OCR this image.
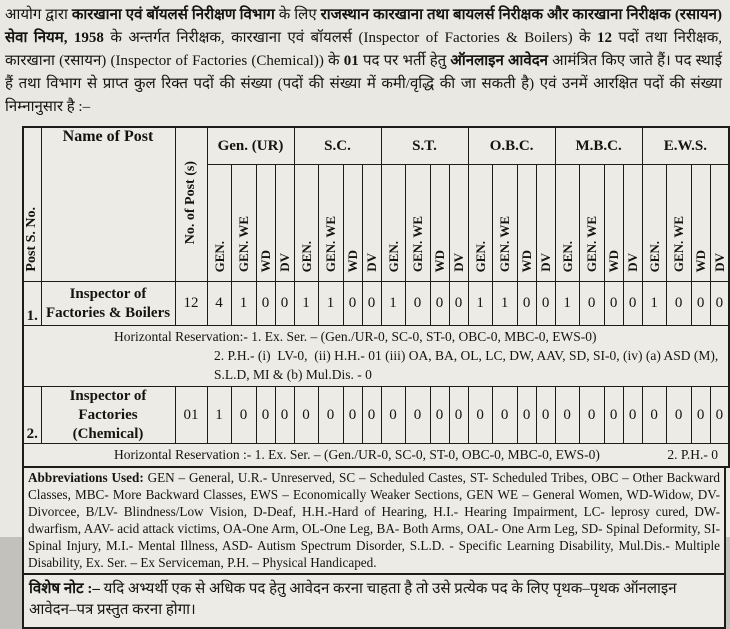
आयोग द्वारा कारखाना एवं बॉयलर्स निरीक्षण विभाग के लिए राजस्थान कारखाना तथा बायलर्स निरीक्षक और कारखाना निरीक्षक (रसायन) सेवा नियम, 1958 के अन्तर्गत निरीक्षक, कारखाना एवं बॉयलर्स (Inspector of Factories & Boilers) के 12 पदों तथा निरीक्षक, कारखाना (रसायन) (Inspector of Factories (Chemical)) के 01 पद पर भर्ती हेतु ऑनलाइन आवेदन आमंत्रित किए जाते हैं। पद स्थाई हैं तथा विभाग से प्राप्त कुल रिक्त पदों की संख्या (पदों की संख्या में कमी/वृद्धि की जा सकती है) एवं उनमें आरक्षित पदों की संख्या निम्नानुसार है :–
Post S. No.	Name of Post	No. of Post (s)	Gen. (UR)				S.C.				S.T.				O.B.C.				M.B.C.				E.W.S.			
			GEN.	GEN. WE	WD	DV	GEN.	GEN. WE	WD	DV	GEN.	GEN. WE	WD	DV	GEN.	GEN. WE	WD	DV	GEN.	GEN. WE	WD	DV	GEN.	GEN. WE	WD	DV
1.	Inspector of Factories & Boilers	12	4	1	0	0	1	1	0	0	1	0	0	0	1	1	0	0	1	0	0	0	1	0	0	0

Horizontal Reservation:- 1. Ex. Ser. – (Gen./UR-0, SC-0, ST-0, OBC-0, MBC-0, EWS-0)
2. P.H.- (i)  LV-0,  (ii) H.H.- 01 (iii) OA, BA, OL, LC, DW, AAV, SD, SI-0, (iv) (a) ASD (M), S.L.D, MI & (b) Mul.Dis. - 0																										

2.	Inspector of Factories (Chemical)	01	1	0	0	0	0	0	0	0	0	0	0	0	0	0	0	0	0	0	0	0	0	0	0	0

Horizontal Reservation :- 1. Ex. Ser. – (Gen./UR-0, SC-0, ST-0, OBC-0, MBC-0, EWS-0)                    2. P.H.- 0																										
Abbreviations Used: GEN – General, U.R.- Unreserved, SC – Scheduled Castes, ST- Scheduled Tribes, OBC – Other Backward Classes, MBC- More Backward Classes, EWS – Economically Weaker Sections, GEN WE – General Women, WD-Widow, DV-Divorcee, B/LV- Blindness/Low Vision, D-Deaf, H.H.-Hard of Hearing, H.I.- Hearing Impairment, LC- leprosy cured, DW-dwarfism, AAV- acid attack victims, OA-One Arm, OL-One Leg, BA- Both Arms, OAL- One Arm Leg, SD- Spinal Deformity, SI- Spinal Injury, M.I.- Mental Illness, ASD- Autism Spectrum Disorder, S.L.D. - Specific Learning Disability, Mul.Dis.- Multiple Disability, Ex. Ser. – Ex Serviceman, P.H. – Physical Handicaped.
विशेष नोट :– यदि अभ्यर्थी एक से अधिक पद हेतु आवेदन करना चाहता है तो उसे प्रत्येक पद के लिए पृथक–पृथक ऑनलाइन आवेदन–पत्र प्रस्तुत करना होगा।
